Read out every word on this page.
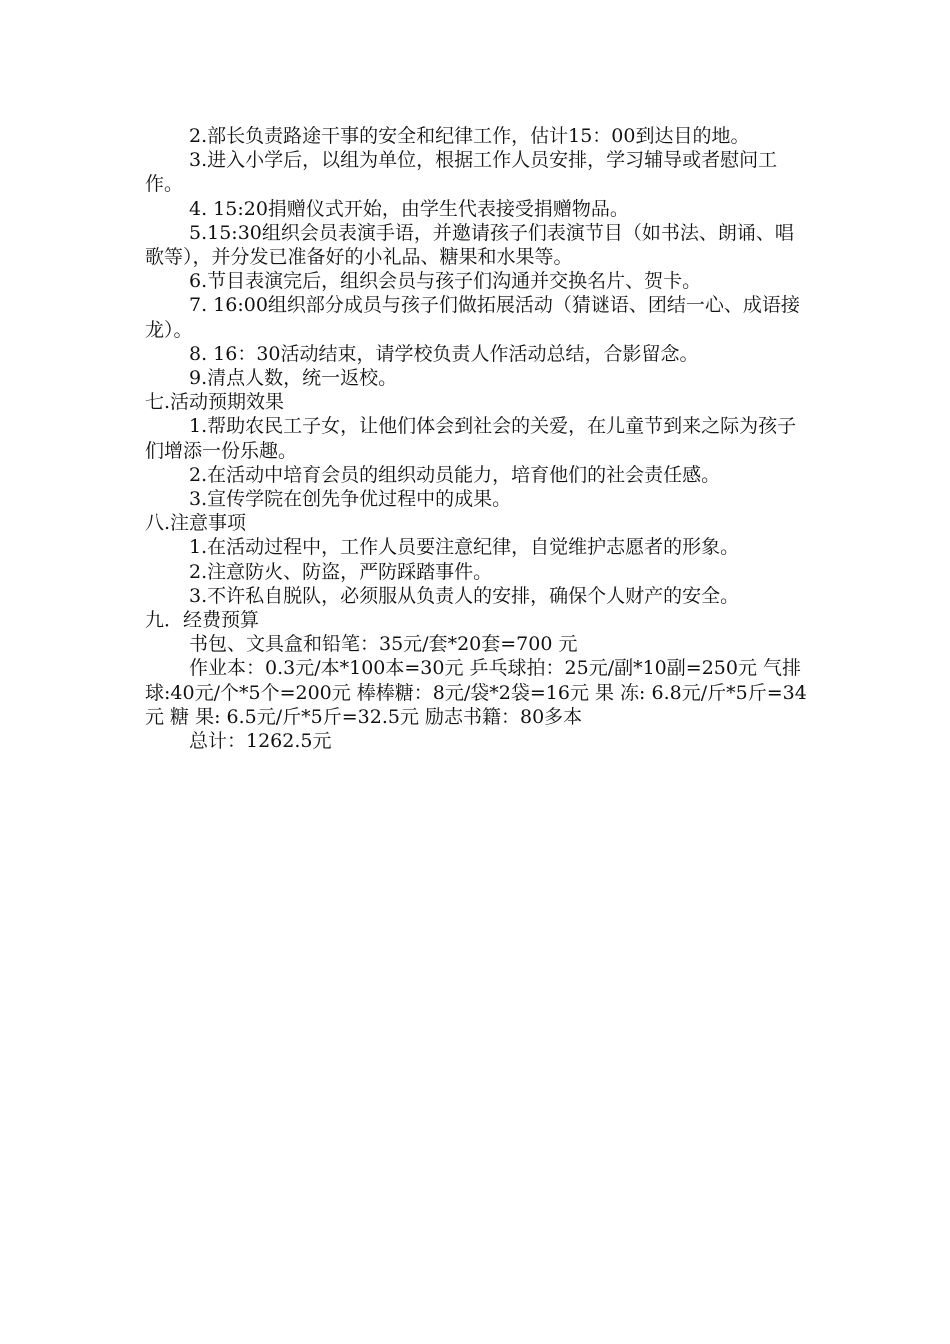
2.部长负责路途干事的安全和纪律工作，估计15：00到达目的地。

3.进入小学后，以组为单位，根据工作人员安排，学习辅导或者慰问工作。

4. 15:20捐赠仪式开始，由学生代表接受捐赠物品。

5.15:30组织会员表演手语，并邀请孩子们表演节目（如书法、朗诵、唱歌等），并分发已准备好的小礼品、糖果和水果等。

6.节目表演完后，组织会员与孩子们沟通并交换名片、贺卡。

7. 16:00组织部分成员与孩子们做拓展活动（猜谜语、团结一心、成语接龙）。

8. 16：30活动结束，请学校负责人作活动总结，合影留念。

9.清点人数，统一返校。

七.活动预期效果

1.帮助农民工子女，让他们体会到社会的关爱，在儿童节到来之际为孩子们增添一份乐趣。

2.在活动中培育会员的组织动员能力，培育他们的社会责任感。

3.宣传学院在创先争优过程中的成果。

八.注意事项

1.在活动过程中，工作人员要注意纪律，自觉维护志愿者的形象。

2.注意防火、防盗，严防踩踏事件。

3.不许私自脱队，必须服从负责人的安排，确保个人财产的安全。

九．经费预算

书包、文具盒和铅笔：35元/套*20套=700 元

作业本：0.3元/本*100本=30元 乒乓球拍：25元/副*10副=250元 气排球:40元/个*5个=200元 棒棒糖：8元/袋*2袋=16元 果 冻: 6.8元/斤*5斤=34元 糖 果: 6.5元/斤*5斤=32.5元 励志书籍：80多本

总计：1262.5元
